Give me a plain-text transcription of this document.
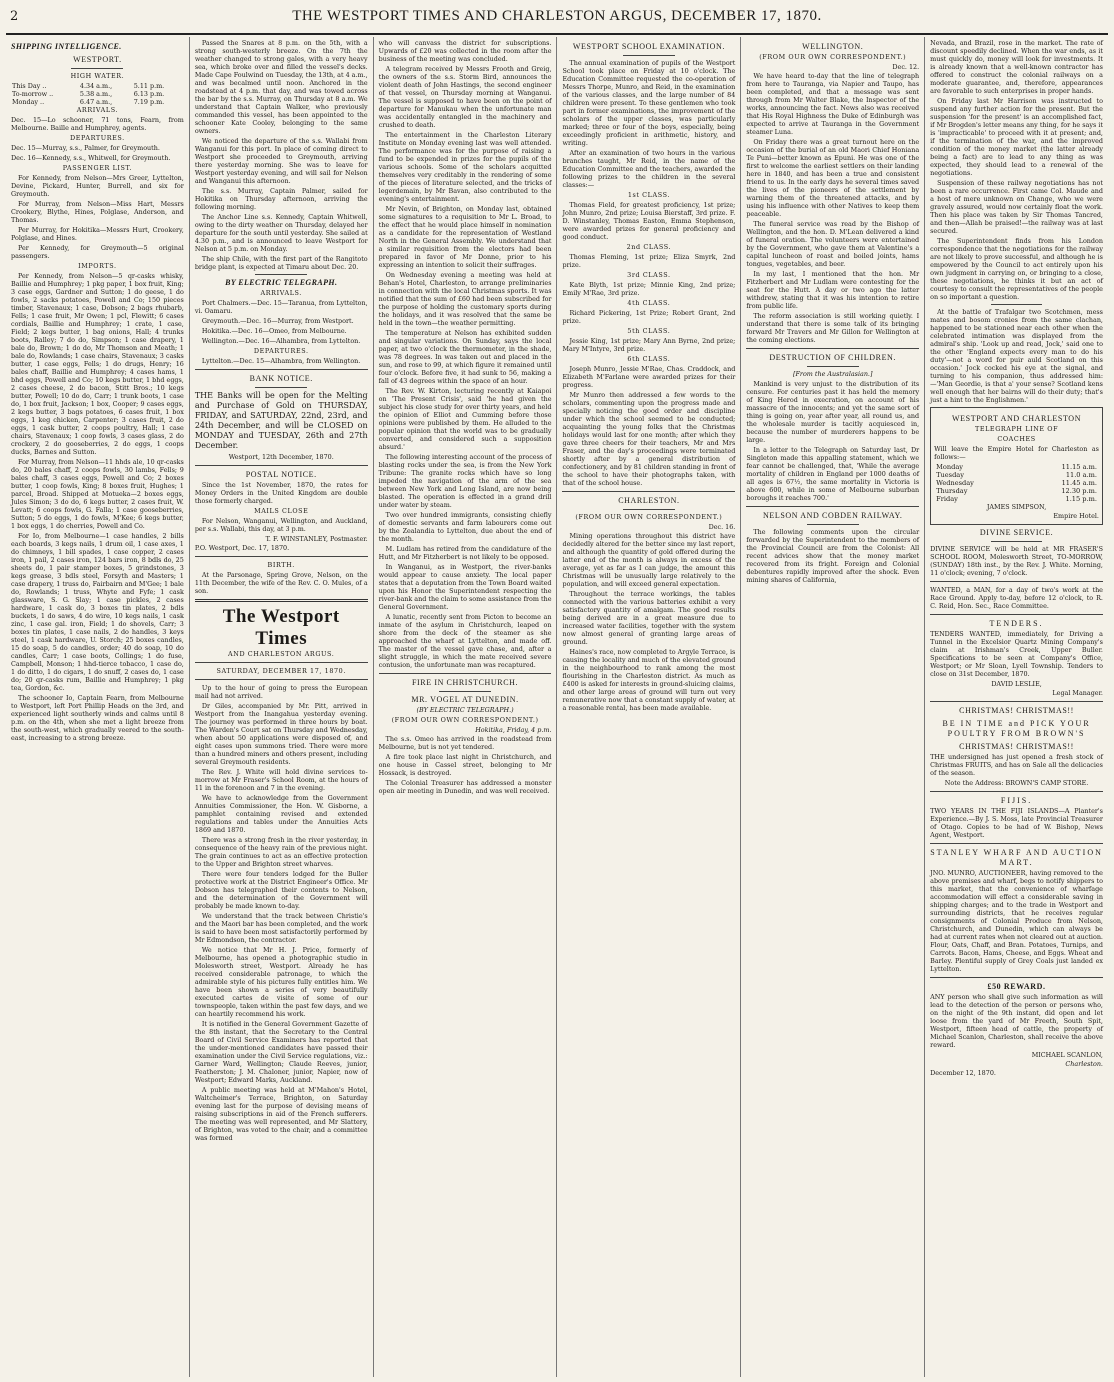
2	THE WESTPORT TIMES AND CHARLESTON ARGUS, DECEMBER 17, 1870.
SHIPPING INTELLIGENCE.
WESTPORT.
HIGH WATER.
This Day ..	4.34 a.m.,	5.11 p.m.
To-morrow ..	5.38 a.m.,	6.13 p.m.
Monday ..	6.47 a.m.,	7.19 p.m.
ARRIVALS.

Dec. 15—Lo schooner, 71 tons, Fearn, from Melbourne. Baille and Humphrey, agents.

DEPARTURES.

Dec. 15—Murray, s.s., Palmer, for Greymouth.

Dec. 16—Kennedy, s.s., Whitwell, for Greymouth.

PASSENGER LIST.

For Kennedy, from Nelson—Mrs Greer, Lyttelton, Devine, Pickard, Hunter, Burrell, and six for Greymouth.

For Murray, from Nelson—Miss Hart, Messrs Crookery, Blythe, Hines, Polglase, Anderson, and Thomas.

Per Murray, for Hokitika—Messrs Hurt, Crookery, Polglase, and Hines.

Per Kennedy, for Greymouth—5 original passengers.

IMPORTS.

Per Kennedy, from Nelson—5 qr-casks whisky, Baillie and Humphrey; 1 pkg paper, 1 box fruit, King; 3 case eggs, Gardner and Sutton; 1 do geese, 1 do fowls, 2 sacks potatoes, Powell and Co; 150 pieces timber, Stavenaux; 1 case, Dobson; 2 bags rhubarb, Fells; 1 case fruit, Mr Owen; 1 pcl, Flewitt; 6 cases cordials, Baillie and Humphrey; 1 crate, 1 case, Field; 2 kegs butter, 1 bag onions, Hall; 4 trunks boots, Ralley; 7 do do, Simpson; 1 case drapery, 1 bale do, Brown; 1 do do, Mr Thomson and Meath; 1 bale do, Rowlands; 1 case chairs, Stavenaux; 3 casks butter, 1 case eggs, Fells; 1 do drugs, Henry; 16 bales chaff, Baillie and Humphrey; 4 cases hams, 1 bhd eggs, Powell and Co; 10 kegs butter, 1 bhd eggs, 2 cases cheese, 2 do bacon, Stitt Bros.; 10 kegs butter, Powell; 10 do do, Carr; 1 trunk boots, 1 case do, 1 box fruit, Jackson; 1 box, Cooper; 9 cases eggs, 2 kegs butter, 3 bags potatoes, 6 cases fruit, 1 box eggs, 1 keg chicken, Carpenter; 3 cases fruit, 2 do eggs, 1 cask butter, 2 coops poultry, Hall; 1 case chairs, Stavenaux; 1 coop fowls, 3 cases glass, 2 do crockery, 2 do gooseberries, 2 do eggs, 1 coops ducks, Barnes and Sutton.

For Murray, from Nelson—11 hhds ale, 10 qr-casks do, 20 bales chaff, 2 coops fowls, 30 lambs, Fells; 9 bales chaff, 3 cases eggs, Powell and Co; 2 boxes butter, 1 coop fowls, King; 8 boxes fruit, Hughes; 1 parcel, Broad. Shipped at Motueka—2 boxes eggs, Jules Simon; 3 do do, 6 kegs butter, 2 cases fruit, W. Levatt; 6 coops fowls, G. Falla; 1 case gooseberries, Sutton; 5 do eggs, 1 do fowls, M'Kee; 6 kegs butter, 1 box eggs, 1 do cherries, Powell and Co.

For Io, from Melbourne—1 case handles, 2 bills each boards, 3 kegs nails, 1 drum oil, 1 case axes, 1 do chimneys, 1 bill spades, 1 case copper, 2 cases iron, 1 pail, 2 cases iron, 124 bars iron, 8 bdls do, 25 sheets do, 1 pair stamper boxes, 5 grindstones, 3 kegs grease, 3 bdls steel, Forsyth and Masters; 1 case drapery, 1 truss do, Fairbairn and M'Gee; 1 bale do, Rowlands; 1 truss, Whyte and Fyfe; 1 cask glassware, S. G. Slay; 1 case pickles, 2 cases hardware, 1 cask do, 3 boxes tin plates, 2 bdls buckets, 1 do saws, 4 do wire, 10 kegs nails, 1 cask zinc, 1 case gal. iron, Field; 1 do shovels, Carr; 3 boxes tin plates, 1 case nails, 2 do handles, 3 keys steel, 1 cask hardware, U. Storch; 25 boxes candles, 15 do soap, 5 do candles, order; 40 do soap, 10 do candles, Carr; 1 case boots, Collings; 1 do fuse, Campbell, Monson; 1 hhd-tierce tobacco, 1 case do, 1 do ditto, 1 do cigars, 1 do snuff, 2 cases do, 1 case do; 20 qr-casks rum, Baillie and Humphrey; 1 pkg tea, Gordon, &c.

The schooner Io, Captain Fearn, from Melbourne to Westport, left Port Phillip Heads on the 3rd, and experienced light southerly winds and calms until 8 p.m. on the 4th, when she met a light breeze from the south-west, which gradually veered to the south-east, increasing to a strong breeze.

Passed the Snares at 8 p.m. on the 5th, with a strong south-westerly breeze. On the 7th the weather changed to strong gales, with a very heavy sea, which broke over and filled the vessel's decks. Made Cape Foulwind on Tuesday, the 13th, at 4 a.m., and was becalmed until noon. Anchored in the roadstead at 4 p.m. that day, and was towed across the bar by the s.s. Murray, on Thursday at 8 a.m. We understand that Captain Walker, who previously commanded this vessel, has been appointed to the schooner Kate Cooley, belonging to the same owners.

We noticed the departure of the s.s. Wallabi from Wanganui for this port. In place of coming direct to Westport she proceeded to Greymouth, arriving there yesterday morning. She was to leave for Westport yesterday evening, and will sail for Nelson and Wanganui this afternoon.

The s.s. Murray, Captain Palmer, sailed for Hokitika on Thursday afternoon, arriving the following morning.

The Anchor Line s.s. Kennedy, Captain Whitwell, owing to the dirty weather on Thursday, delayed her departure for the south until yesterday. She sailed at 4.30 p.m., and is announced to leave Westport for Nelson at 5 p.m. on Monday.

The ship Chile, with the first part of the Rangitoto bridge plant, is expected at Timaru about Dec. 20.

BY ELECTRIC TELEGRAPH.
ARRIVALS.

Port Chalmers.—Dec. 15—Taranua, from Lyttelton, vi. Oamaru.

Greymouth.—Dec. 16—Murray, from Westport.

Hokitika.—Dec. 16—Omeo, from Melbourne.

Wellington.—Dec. 16—Alhambra, from Lyttelton.

DEPARTURES.

Lyttelton.—Dec. 15—Alhambra, from Wellington.

BANK NOTICE.

THE Banks will be open for the Melting and Purchase of Gold on THURSDAY, FRIDAY, and SATURDAY, 22nd, 23rd, and 24th December, and will be CLOSED on MONDAY and TUESDAY, 26th and 27th December.

Westport, 12th December, 1870.
POSTAL NOTICE.

Since the 1st November, 1870, the rates for Money Orders in the United Kingdom are double those formerly charged.

MAILS CLOSE

For Nelson, Wanganui, Wellington, and Auckland, per s.s. Wallabi, this day, at 3 p.m.

T. F. WINSTANLEY, Postmaster.
P.O. Westport, Dec. 17, 1870.
BIRTH.

At the Parsonage, Spring Grove, Nelson, on the 11th December, the wife of the Rev. C. O. Mules, of a son.

The Westport Times
AND CHARLESTON ARGUS.
SATURDAY, DECEMBER 17, 1870.

Up to the hour of going to press the European mail had not arrived.

Dr Giles, accompanied by Mr. Pitt, arrived in Westport from the Inangahua yesterday evening. The journey was performed in three hours by boat. The Warden's Court sat on Thursday and Wednesday, when about 50 applications were disposed of, and eight cases upon summons tried. There were more than a hundred miners and others present, including several Greymouth residents.

The Rev. J. White will hold divine services to-morrow at Mr Fraser's School Room, at the hours of 11 in the forenoon and 7 in the evening.

We have to acknowledge from the Government Annuities Commissioner, the Hon. W. Gisborne, a pamphlet containing revised and extended regulations and tables under the Annuities Acts 1869 and 1870.

There was a strong fresh in the river yesterday, in consequence of the heavy rain of the previous night. The grain continues to act as an effective protection to the Upper and Brighton street wharves.

There were four tenders lodged for the Buller protective work at the District Engineer's Office. Mr Dobson has telegraphed their contents to Nelson, and the determination of the Government will probably be made known to-day.

We understand that the track between Christie's and the Maori bar has been completed, and the work is said to have been most satisfactorily performed by Mr Edmondson, the contractor.

We notice that Mr H. J. Price, formerly of Melbourne, has opened a photographic studio in Molesworth street, Westport. Already he has received considerable patronage, to which the admirable style of his pictures fully entitles him. We have been shown a series of very beautifully executed cartes de visite of some of our townspeople, taken within the past few days, and we can heartily recommend his work.

It is notified in the General Government Gazette of the 8th instant, that the Secretary to the Central Board of Civil Service Examiners has reported that the under-mentioned candidates have passed their examination under the Civil Service regulations, viz.: Garner Ward, Wellington; Claude Reeves, junior, Featherston; J. M. Chaloner, junior, Napier, now of Westport; Edward Marks, Auckland.

A public meeting was held at M'Mahon's Hotel, Waltcheimer's Terrace, Brighton, on Saturday evening last for the purpose of devising means of raising subscriptions in aid of the French sufferers. The meeting was well represented, and Mr Slattery, of Brighton, was voted to the chair, and a committee was formed

who will canvass the district for subscriptions. Upwards of £20 was collected in the room after the business of the meeting was concluded.

A telegram received by Messrs Frooth and Greig, the owners of the s.s. Storm Bird, announces the violent death of John Hastings, the second engineer of that vessel, on Thursday morning at Wanganui. The vessel is supposed to have been on the point of departure for Manukau when the unfortunate man was accidentally entangled in the machinery and crushed to death.

The entertainment in the Charleston Literary Institute on Monday evening last was well attended. The performance was for the purpose of raising a fund to be expended in prizes for the pupils of the various schools. Some of the scholars acquitted themselves very creditably in the rendering of some of the pieces of literature selected, and the tricks of legerdemain, by Mr Bavan, also contributed to the evening's entertainment.

Mr Nevin, of Brighton, on Monday last, obtained some signatures to a requisition to Mr L. Broad, to the effect that he would place himself in nomination as a candidate for the representation of Westland North in the General Assembly. We understand that a similar requisition from the electors had been prepared in favor of Mr Donne, prior to his expressing an intention to solicit their suffrages.

On Wednesday evening a meeting was held at Behan's Hotel, Charleston, to arrange preliminaries in connection with the local Christmas sports. It was notified that the sum of £60 had been subscribed for the purpose of holding the customary sports during the holidays, and it was resolved that the same be held in the town—the weather permitting.

The temperature at Nelson has exhibited sudden and singular variations. On Sunday, says the local paper, at two o'clock the thermometer, in the shade, was 78 degrees. In was taken out and placed in the sun, and rose to 99, at which figure it remained until four o'clock. Before five, it had sunk to 56, making a fall of 43 degrees within the space of an hour.

The Rev. W. Kirton, lecturing recently at Kaiapoi on 'The Present Crisis', said 'he had given the subject his close study for over thirty years, and held the opinion of Elliot and Cumming before those opinions were published by them. He alluded to the popular opinion that the world was to be gradually converted, and considered such a supposition absurd.'

The following interesting account of the process of blasting rocks under the sea, is from the New York Tribune: The granite rocks which have so long impeded the navigation of the arm of the sea between New York and Long Island, are now being blasted. The operation is effected in a grand drill under water by steam.

Two over hundred immigrants, consisting chiefly of domestic servants and farm labourers come out by the Zealandia to Lyttelton, due about the end of the month.

M. Ludlam has retired from the candidature of the Hutt, and Mr Fitzherbert is not likely to be opposed.

In Wanganui, as in Westport, the river-banks would appear to cause anxiety. The local paper states that a deputation from the Town Board waited upon his Honor the Superintendent respecting the river-bank and the claim to some assistance from the General Government.

A lunatic, recently sent from Picton to become an inmate of the asylum in Christchurch, leaped on shore from the deck of the steamer as she approached the wharf at Lyttelton, and made off. The master of the vessel gave chase, and, after a slight struggle, in which the mate received severe contusion, the unfortunate man was recaptured.

FIRE IN CHRISTCHURCH.
MR. VOGEL AT DUNEDIN.
(BY ELECTRIC TELEGRAPH.)
(FROM OUR OWN CORRESPONDENT.)
Hokitika, Friday, 4 p.m.

The s.s. Omeo has arrived in the roadstead from Melbourne, but is not yet tendered.

A fire took place last night in Christchurch, and one house in Cassel street, belonging to Mr Hossack, is destroyed.

The Colonial Treasurer has addressed a monster open air meeting in Dunedin, and was well received.

WESTPORT SCHOOL EXAMINATION.

The annual examination of pupils of the Westport School took place on Friday at 10 o'clock. The Education Committee requested the co-operation of Messrs Thorpe, Munro, and Reid, in the examination of the various classes, and the large number of 84 children were present. To these gentlemen who took part in former examinations, the improvement of the scholars of the upper classes, was particularly marked; three or four of the boys, especially, being exceedingly proficient in arithmetic, history, and writing.

After an examination of two hours in the various branches taught, Mr Reid, in the name of the Education Committee and the teachers, awarded the following prizes to the children in the several classes:—

1st CLASS.

Thomas Field, for greatest proficiency, 1st prize; John Munro, 2nd prize; Louisa Bierstaff, 3rd prize. F. D. Winstanley, Thomas Easton, Emma Stephenson, were awarded prizes for general proficiency and good conduct.

2nd CLASS.

Thomas Fleming, 1st prize; Eliza Smyrk, 2nd prize.

3rd CLASS.

Kate Blyth, 1st prize; Minnie King, 2nd prize; Emily M'Rae, 3rd prize.

4th CLASS.

Richard Pickering, 1st Prize; Robert Grant, 2nd prize.

5th CLASS.

Jessie King, 1st prize; Mary Ann Byrne, 2nd prize; Mary M'Intyre, 3rd prize.

6th CLASS.

Joseph Munro, Jessie M'Rae, Chas. Craddock, and Elizabeth M'Farlane were awarded prizes for their progress.

Mr Munro then addressed a few words to the scholars, commenting upon the progress made and specially noticing the good order and discipline under which the school seemed to be conducted; acquainting the young folks that the Christmas holidays would last for one month; after which they gave three cheers for their teachers, Mr and Mrs Fraser, and the day's proceedings were terminated shortly after by a general distribution of confectionery, and by 81 children standing in front of the school to have their photographs taken, with that of the school house.

CHARLESTON.
(FROM OUR OWN CORRESPONDENT.)
Dec. 16.

Mining operations throughout this district have decidedly altered for the better since my last report, and although the quantity of gold offered during the latter end of the month is always in excess of the average, yet as far as I can judge, the amount this Christmas will be unusually large relatively to the population, and will exceed general expectation.

Throughout the terrace workings, the tables connected with the various batteries exhibit a very satisfactory quantity of amalgam. The good results being derived are in a great measure due to increased water facilities, together with the system now almost general of granting large areas of ground.

Haines's race, now completed to Argyle Terrace, is causing the locality and much of the elevated ground in the neighbourhood to rank among the most flourishing in the Charleston district. As much as £400 is asked for interests in ground-sluicing claims, and other large areas of ground will turn out very remunerative now that a constant supply of water, at a reasonable rental, has been made available.

WELLINGTON.
(FROM OUR OWN CORRESPONDENT.)
Dec. 12.

We have heard to-day that the line of telegraph from here to Tauranga, via Napier and Taupo, has been completed, and that a message was sent through from Mr Walter Blake, the Inspector of the works, announcing the fact. News also was received that His Royal Highness the Duke of Edinburgh was expected to arrive at Tauranga in the Government steamer Luna.

On Friday there was a great turnout here on the occasion of the burial of an old Maori Chief Honiana Te Puni—better known as Epuni. He was one of the first to welcome the earliest settlers on their landing here in 1840, and has been a true and consistent friend to us. In the early days he several times saved the lives of the pioneers of the settlement by warning them of the threatened attacks, and by using his influence with other Natives to keep them peaceable.

The funeral service was read by the Bishop of Wellington, and the hon. D. M'Lean delivered a kind of funeral oration. The volunteers were entertained by the Government, who gave them at Valentine's a capital luncheon of roast and boiled joints, hams tongues, vegetables, and beer.

In my last, I mentioned that the hon. Mr Fitzherbert and Mr Ludlam were contesting for the seat for the Hutt. A day or two ago the latter withdrew, stating that it was his intention to retire from public life.

The reform association is still working quietly. I understand that there is some talk of its bringing forward Mr Travers and Mr Gillon for Wellington at the coming elections.

DESTRUCTION OF CHILDREN.
[From the Australasian.]

Mankind is very unjust to the distribution of its censure. For centuries past it has held the memory of King Herod in execration, on account of his massacre of the innocents; and yet the same sort of thing is going on, year after year, all round us, and the wholesale murder is tacitly acquiesced in, because the number of murderers happens to be large.

In a letter to the Telegraph on Saturday last, Dr Singleton made this appalling statement, which we fear cannot be challenged, that, 'While the average mortality of children in England per 1000 deaths of all ages is 67½, the same mortality in Victoria is above 600, while in some of Melbourne suburban boroughs it reaches 700.'

NELSON AND COBDEN RAILWAY.

The following comments upon the circular forwarded by the Superintendent to the members of the Provincial Council are from the Colonist: All recent advices show that the money market recovered from its fright. Foreign and Colonial debentures rapidly improved after the shock. Even mining shares of California,

Nevada, and Brazil, rose in the market. The rate of discount speedily declined. When the war ends, as it must quickly do, money will look for investments. It is already known that a well-known contractor has offered to construct the colonial railways on a moderate guarantee, and, therefore, appearances are favorable to such enterprises in proper hands.

On Friday last Mr Harrison was instructed to suspend any further action for the present. But the suspension 'for the present' is an accomplished fact, if Mr Brogden's letter means any thing, for he says it is 'impracticable' to proceed with it at present; and, if the termination of the war, and the improved condition of the money market (the latter already being a fact) are to lead to any thing as was expected, they should lead to a renewal of the negotiations.

Suspension of these railway negotiations has not been a rare occurrence. First came Col. Maude and a host of mere unknown on Change, who we were gravely assured, would now certainly float the work. Then his place was taken by Sir Thomas Tancred, and then—Allah be praised!—the railway was at last secured.

The Superintendent finds from his London correspondence that the negotiations for the railway are not likely to prove successful, and although he is empowered by the Council to act entirely upon his own judgment in carrying on, or bringing to a close, these negotiations, he thinks it but an act of courtesy to consult the representatives of the people on so important a question.

At the battle of Trafalgar two Scotchmen, mess mates and bosom cronies from the same clachan, happened to be stationed near each other when the celebrated intimation was displayed from the admiral's ship. 'Look up and read, Jock,' said one to the other 'England expects every man to do his duty'—not a word for puir auld Scotland on this occasion.' Jock cocked his eye at the signal, and turning to his companion, thus addressed him:—'Man Geordie, is that a' your sense? Scotland kens well enough that her bairns will do their duty; that's just a hint to the Englishmen.'

WESTPORT AND CHARLESTON
TELEGRAPH LINE OF
COACHES

Will leave the Empire Hotel for Charleston as follows:—

Monday	11.15 a.m.
Tuesday	11.0 a.m.
Wednesday	11.45 a.m.
Thursday	12.30 p.m.
Friday	1.15 p.m.
JAMES SIMPSON,
Empire Hotel.
DIVINE SERVICE.

DIVINE SERVICE will be held at MR FRASER'S SCHOOL ROOM, Molesworth Street, TO-MORROW, (SUNDAY) 18th inst., by the Rev. J. White. Morning, 11 o'clock; evening, 7 o'clock.

WANTED, a MAN, for a day of two's work at the Race Ground. Apply to-day, before 12 o'clock, to R. C. Reid, Hon. Sec., Race Committee.

TENDERS.

TENDERS WANTED, immediately, for Driving a Tunnel in the Excelsior Quartz Mining Company's claim at Irishman's Creek, Upper Buller. Specifications to be seen at Company's Office, Westport; or Mr Sloan, Lyell Township. Tenders to close on 31st December, 1870.

DAVID LESLIE,
Legal Manager.
CHRISTMAS! CHRISTMAS!!
BE IN TIME and PICK YOUR POULTRY FROM BROWN'S
CHRISTMAS! CHRISTMAS!!

THE undersigned has just opened a fresh stock of Christmas FRUITS, and has on Sale all the delicacies of the season.

Note the Address: BROWN'S CAMP STORE.
FIJIS.

TWO YEARS IN THE FIJI ISLANDS—A Planter's Experience.—By J. S. Moss, late Provincial Treasurer of Otago. Copies to be had of W. Bishop, News Agent, Westport.

STANLEY WHARF AND AUCTION MART.

JNO. MUNRO, AUCTIONEER, having removed to the above premises and wharf, begs to notify shippers to this market, that the convenience of wharfage accommodation will effect a considerable saving in shipping charges; and to the trade in Westport and surrounding districts, that he receives regular consignments of Colonial Produce from Nelson, Christchurch, and Dunedin, which can always be had at current rates when not cleared out at auction. Flour, Oats, Chaff, and Bran. Potatoes, Turnips, and Carrots. Bacon, Hams, Cheese, and Eggs. Wheat and Barley. Plentiful supply of Grey Coals just landed ex Lyttelton.

£50 REWARD.

ANY person who shall give such information as will lead to the detection of the person or persons who, on the night of the 9th instant, did open and let loose from the yard of Mr Freeth, South Spit, Westport, fifteen head of cattle, the property of Michael Scanlon, Charleston, shall receive the above reward.

MICHAEL SCANLON,
Charleston.
December 12, 1870.
